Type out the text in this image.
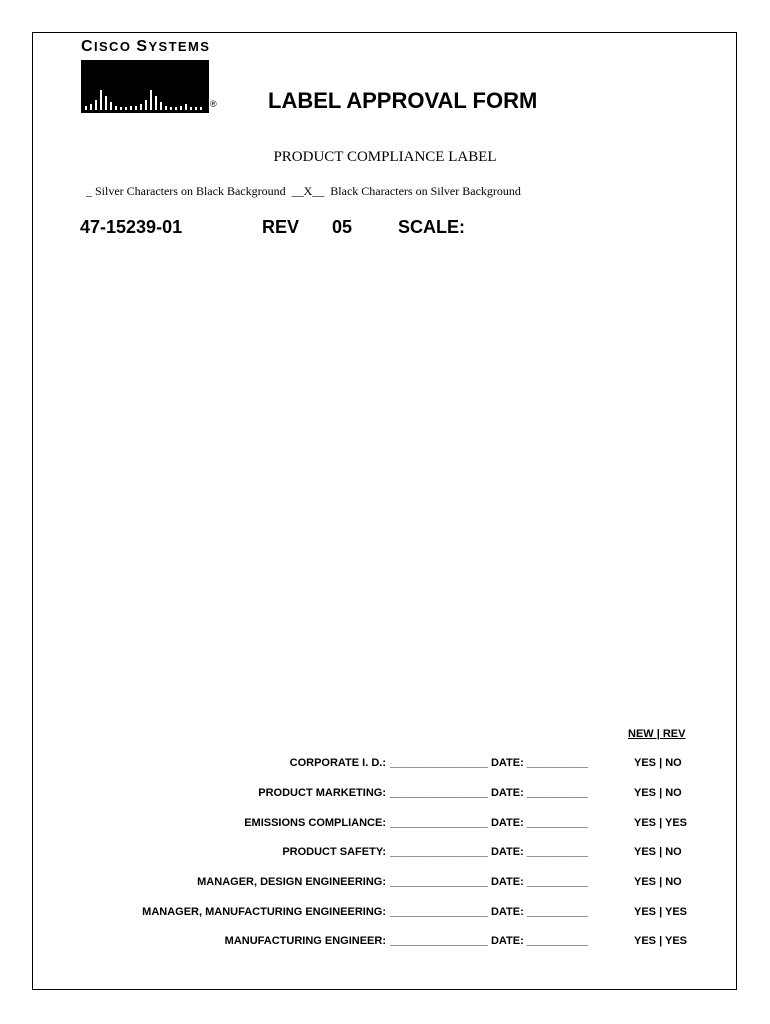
CISCO SYSTEMS
® LABEL APPROVAL FORM
PRODUCT COMPLIANCE LABEL
_ Silver Characters on Black Background  __X__  Black Characters on Silver Background
47-15239-01	REV 05	SCALE:
NEW | REV
CORPORATE I. D.: ________________ DATE: __________	YES | NO
PRODUCT MARKETING: ________________ DATE: __________	YES | NO
EMISSIONS COMPLIANCE: ________________ DATE: __________	YES | YES
PRODUCT SAFETY: ________________ DATE: __________	YES | NO
MANAGER, DESIGN ENGINEERING: ________________ DATE: __________	YES | NO
MANAGER, MANUFACTURING ENGINEERING: ________________ DATE: __________	YES | YES
MANUFACTURING ENGINEER: ________________ DATE: __________	YES | YES
